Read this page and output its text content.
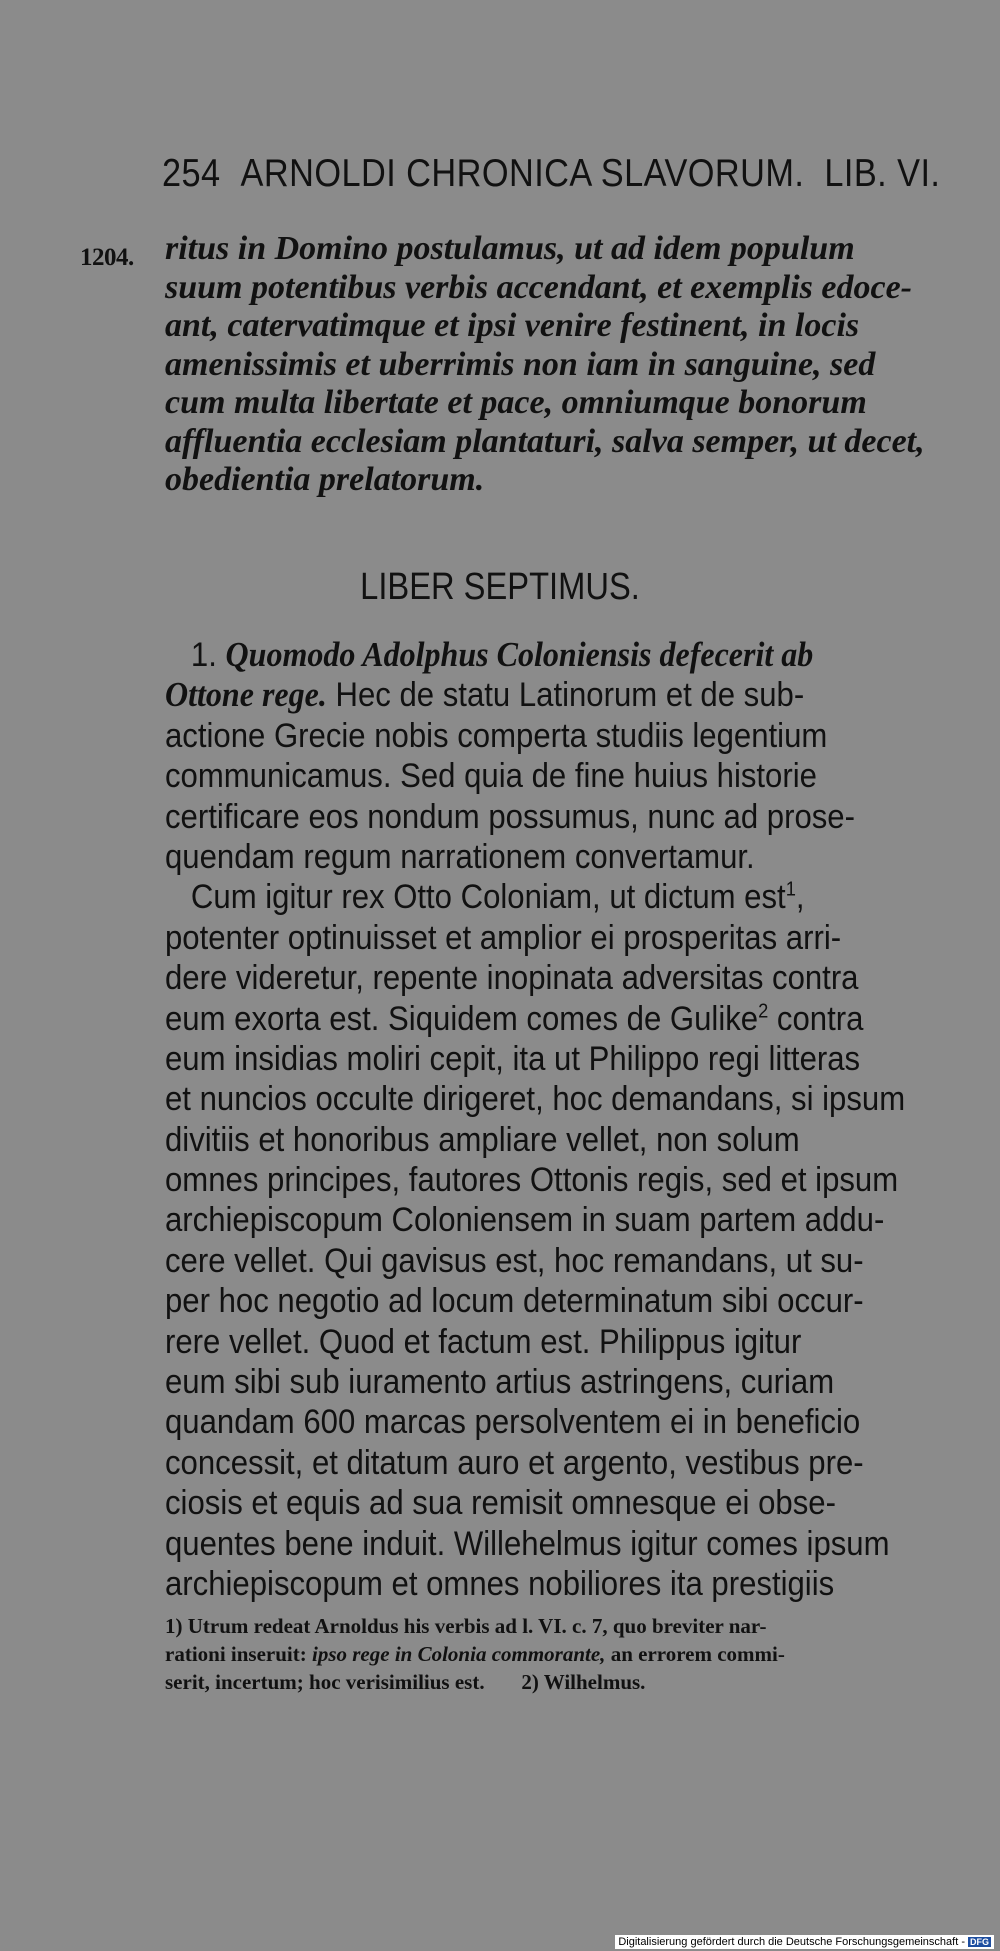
254 ARNOLDI CHRONICA SLAVORUM. LIB. VI.
1204. ritus in Domino postulamus, ut ad idem populum
suum potentibus verbis accendant, et exemplis edoce-
ant, catervatimque et ipsi venire festinent, in locis
amenissimis et uberrimis non iam in sanguine, sed
cum multa libertate et pace, omniumque bonorum
affluentia ecclesiam plantaturi, salva semper, ut decet,
obedientia prelatorum.
LIBER SEPTIMUS.
1. Quomodo Adolphus Coloniensis defecerit ab
Ottone rege. Hec de statu Latinorum et de sub-
actione Grecie nobis comperta studiis legentium
communicamus. Sed quia de fine huius historie
certificare eos nondum possumus, nunc ad prose-
quendam regum narrationem convertamur.
Cum igitur rex Otto Coloniam, ut dictum est$^1$,
potenter optinuisset et amplior ei prosperitas arri-
dere videretur, repente inopinata adversitas contra
eum exorta est. Siquidem comes de Gulike$^2$ contra
eum insidias moliri cepit, ita ut Philippo regi litteras
et nuncios occulte dirigeret, hoc demandans, si ipsum
divitiis et honoribus ampliare vellet, non solum
omnes principes, fautores Ottonis regis, sed et ipsum
archiepiscopum Coloniensem in suam partem addu-
cere vellet. Qui gavisus est, hoc remandans, ut su-
per hoc negotio ad locum determinatum sibi occur-
rere vellet. Quod et factum est. Philippus igitur
eum sibi sub iuramento artius astringens, curiam
quandam 600 marcas persolventem ei in beneficio
concessit, et ditatum auro et argento, vestibus pre-
ciosis et equis ad sua remisit omnesque ei obse-
quentes bene induit. Willehelmus igitur comes ipsum
archiepiscopum et omnes nobiliores ita prestigiis
1) Utrum redeat Arnoldus his verbis ad l. VI. c. 7, quo breviter nar-
rationi inseruit: ipso rege in Colonia commorante, an errorem commi-
serit, incertum; hoc verisimilius est. 2) Wilhelmus.
Digitalisierung gefördert durch die Deutsche Forschungsgemeinschaft - DFG
